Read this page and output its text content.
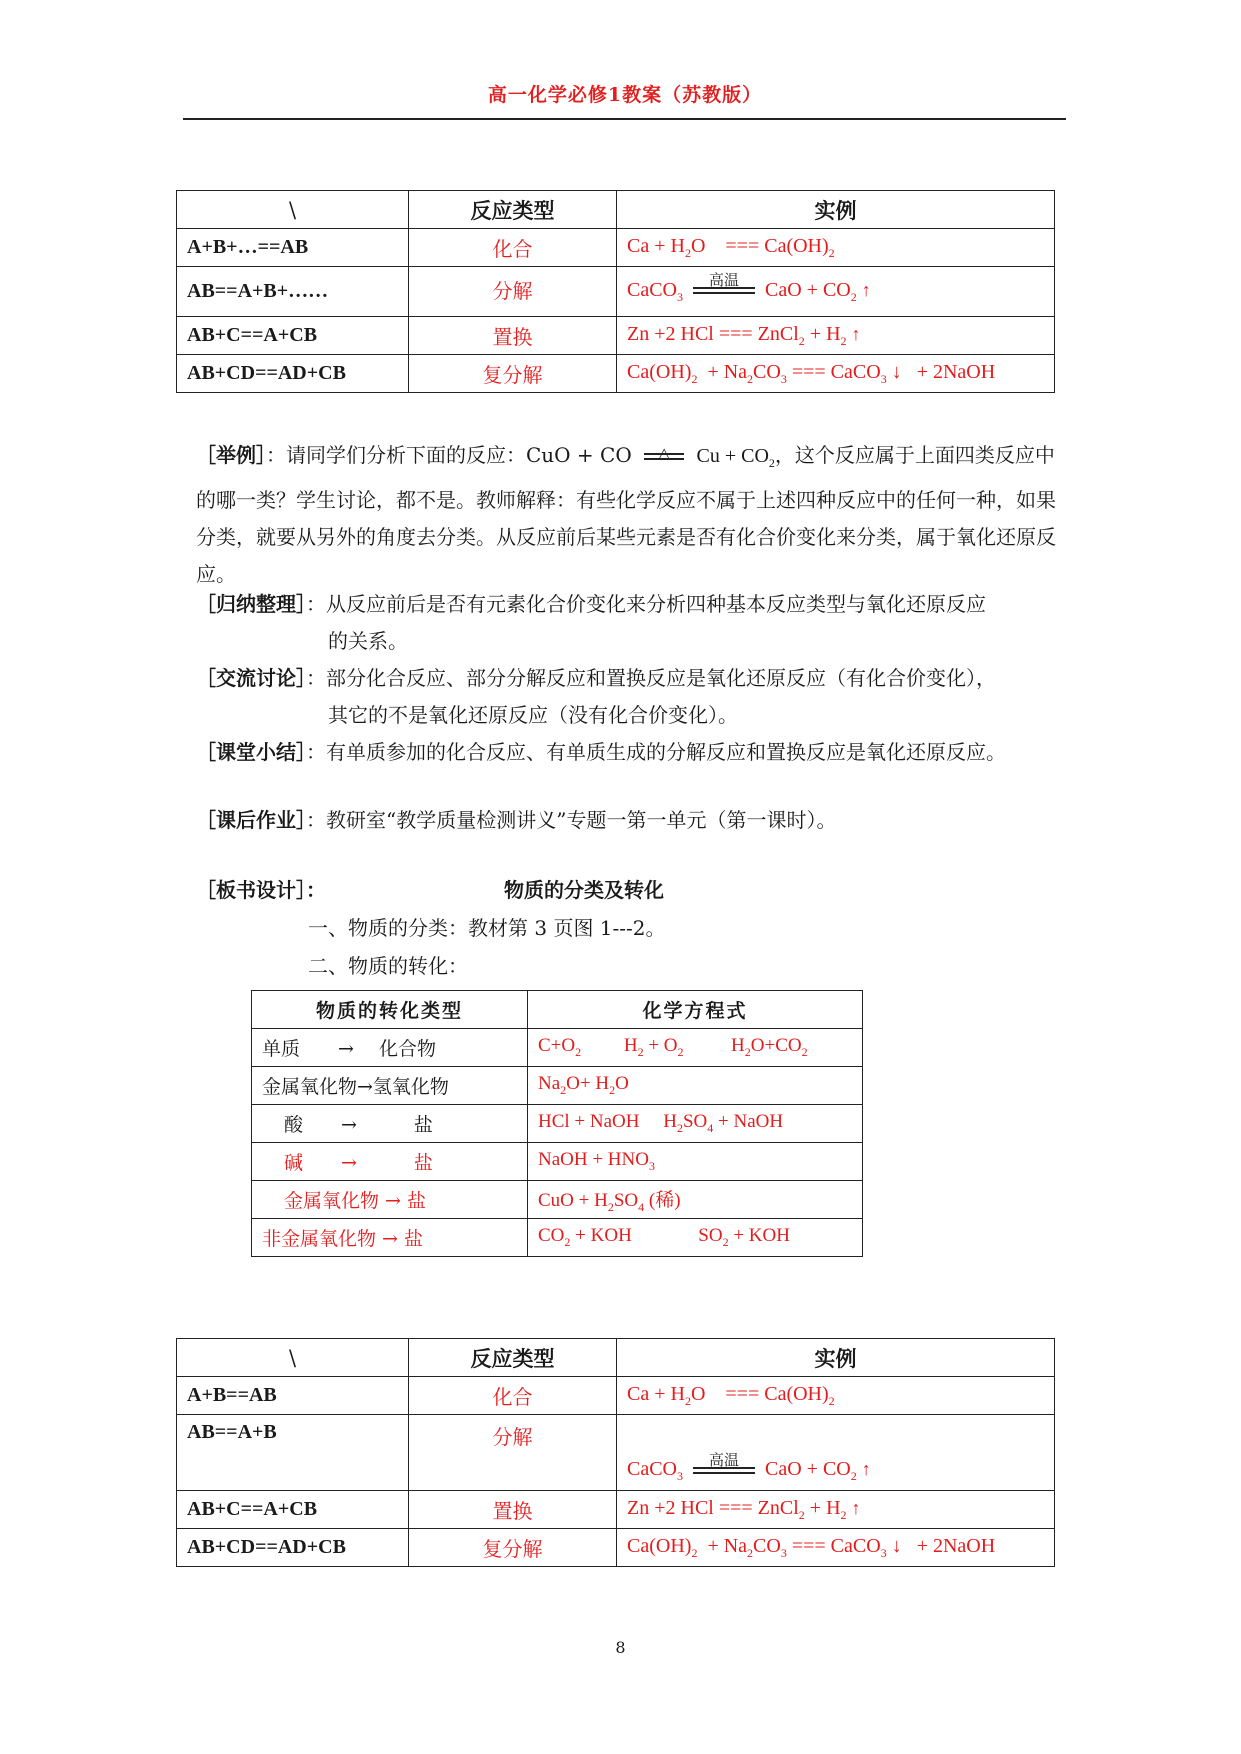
高一化学必修1教案（苏教版）
\	反应类型	实例
A+B+…==AB	化合	$Ca + H_2O$    === $Ca(OH)_2$
AB==A+B+……	分解	CaCO$_3$
高温 CaO + $CO_2$ ↑
AB+C==A+CB	置换	Zn +2 HCl === ZnCl$_2$ + $H_2$ ↑
AB+CD==AD+CB	复分解	$Ca(OH)_2 + Na_2CO_3$ === CaCO$_3$ ↓   + 2NaOH
［举例］：请同学们分析下面的反应：CuO + CO	△	$Cu + CO_2$，这个反应属于上面四类反应中的哪一类？学生讨论，都不是。教师解释：有些化学反应不属于上述四种反应中的任何一种，如果分类，就要从另外的角度去分类。从反应前后某些元素是否有化合价变化来分类，属于氧化还原反应。
［归纳整理］：从反应前后是否有元素化合价变化来分析四种基本反应类型与氧化还原反应
的关系。
［交流讨论］：部分化合反应、部分分解反应和置换反应是氧化还原反应（有化合价变化），
其它的不是氧化还原反应（没有化合价变化）。
［课堂小结］：有单质参加的化合反应、有单质生成的分解反应和置换反应是氧化还原反应。
［课后作业］：教研室“教学质量检测讲义”专题一第一单元（第一课时）。
［板书设计］：	物质的分类及转化
一、物质的分类：教材第 3 页图 1---2。
二、物质的转化：
物质的转化类型	化学方程式
单质　　→　 化合物	$C+O_2$         $H_2 + O_2$          $H_2O+CO_2$
金属氧化物→氢氧化物	$Na_2O+ H_2O$
酸　　→　　　盐	HCl + NaOH     $H_2SO_4$ + NaOH
碱　　→　　　盐	NaOH + $HNO_3$
金属氧化物 → 盐	CuO + $H_2SO_4$ (稀)
非金属氧化物 → 盐	$CO_2$ + KOH              $SO_2$ + KOH
\	反应类型	实例
A+B==AB	化合	$Ca + H_2O$    === $Ca(OH)_2$
AB==A+B	分解	CaCO$_3$
高温 CaO + $CO_2$ ↑
AB+C==A+CB	置换	Zn +2 HCl === ZnCl$_2$ + $H_2$ ↑
AB+CD==AD+CB	复分解	$Ca(OH)_2 + Na_2CO_3$ === CaCO$_3$ ↓   + 2NaOH
8
